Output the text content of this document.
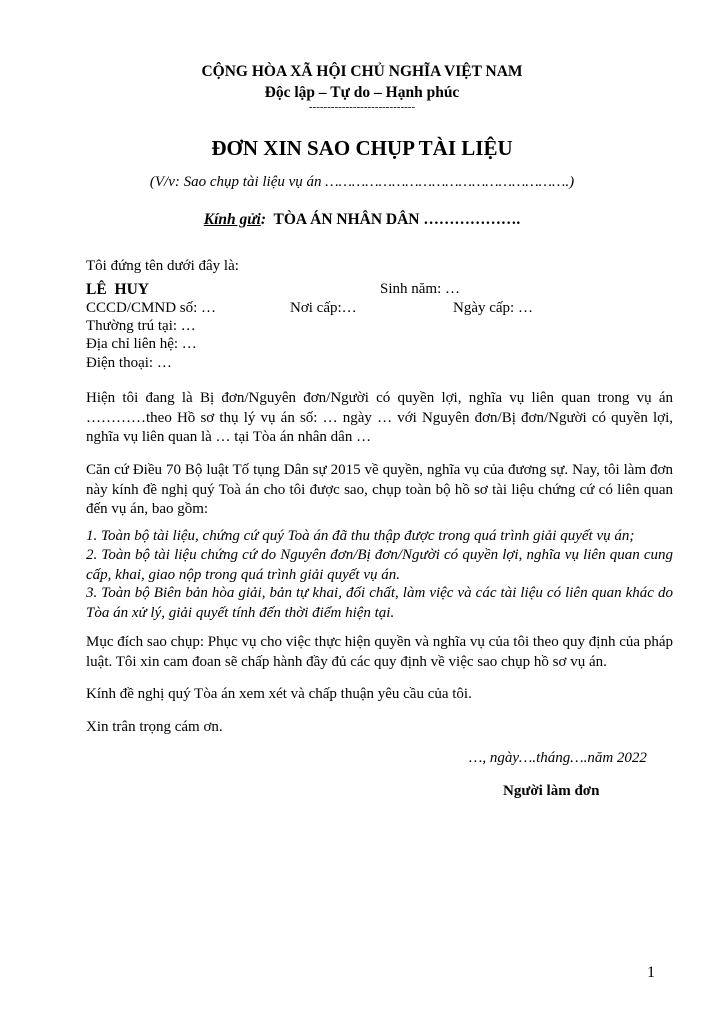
CỘNG HÒA XÃ HỘI CHỦ NGHĨA VIỆT NAM
Độc lập – Tự do – Hạnh phúc
-----------------------------
ĐƠN XIN SAO CHỤP TÀI LIỆU
(V/v: Sao chụp tài liệu vụ án ……………………………………………….)
Kính gửi: TÒA ÁN NHÂN DÂN ……………….
Tôi đứng tên dưới đây là:
LÊ HUY	Sinh năm: …
CCCD/CMND số: …	Nơi cấp:…	Ngày cấp: …
Thường trú tại: …
Địa chỉ liên hệ: …
Điện thoại: …
Hiện tôi đang là Bị đơn/Nguyên đơn/Người có quyền lợi, nghĩa vụ liên quan trong vụ án …………theo Hồ sơ thụ lý vụ án số: … ngày … với Nguyên đơn/Bị đơn/Người có quyền lợi, nghĩa vụ liên quan là … tại Tòa án nhân dân …
Căn cứ Điều 70 Bộ luật Tố tụng Dân sự 2015 về quyền, nghĩa vụ của đương sự. Nay, tôi làm đơn này kính đề nghị quý Toà án cho tôi được sao, chụp toàn bộ hồ sơ tài liệu chứng cứ có liên quan đến vụ án, bao gồm:
1. Toàn bộ tài liệu, chứng cứ quý Toà án đã thu thập được trong quá trình giải quyết vụ án;
2. Toàn bộ tài liệu chứng cứ do Nguyên đơn/Bị đơn/Người có quyền lợi, nghĩa vụ liên quan cung cấp, khai, giao nộp trong quá trình giải quyết vụ án.
3. Toàn bộ Biên bản hòa giải, bản tự khai, đối chất, làm việc và các tài liệu có liên quan khác do Tòa án xử lý, giải quyết tính đến thời điểm hiện tại.
Mục đích sao chụp: Phục vụ cho việc thực hiện quyền và nghĩa vụ của tôi theo quy định của pháp luật. Tôi xin cam đoan sẽ chấp hành đầy đủ các quy định về việc sao chụp hồ sơ vụ án.
Kính đề nghị quý Tòa án xem xét và chấp thuận yêu cầu của tôi.
Xin trân trọng cám ơn.
…, ngày….tháng….năm 2022
Người làm đơn
1
